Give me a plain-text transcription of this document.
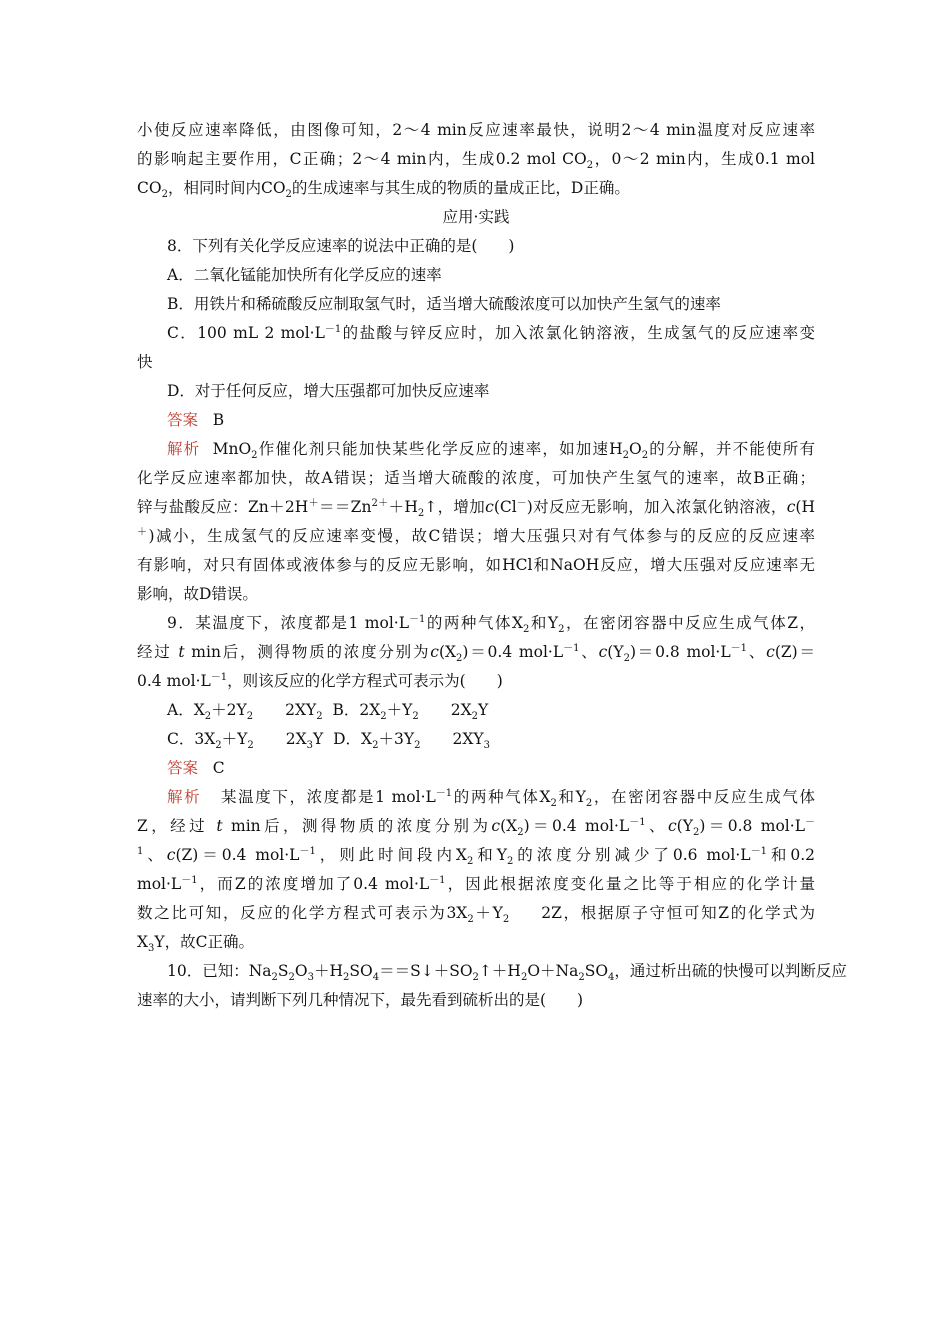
小使反应速率降低，由图像可知，2～4 min反应速率最快，说明2～4 min温度对反应速率
的影响起主要作用，C正确；2～4 min内，生成0.2 mol $CO_2$，0～2 min内，生成0.1 mol
$CO_2$，相同时间内$CO_2$的生成速率与其生成的物质的量成正比，D正确。
应用·实践
8．下列有关化学反应速率的说法中正确的是(　　)
A．二氧化锰能加快所有化学反应的速率
B．用铁片和稀硫酸反应制取氢气时，适当增大硫酸浓度可以加快产生氢气的速率
C．100 mL 2 $mol\cdot L^{-1}$的盐酸与锌反应时，加入浓氯化钠溶液，生成氢气的反应速率变
快
D．对于任何反应，增大压强都可加快反应速率
答案 B
解析 MnO$_2$作催化剂只能加快某些化学反应的速率，如加速$H_2O_2$的分解，并不能使所有
化学反应速率都加快，故A错误；适当增大硫酸的浓度，可加快产生氢气的速率，故B正确；
锌与盐酸反应：$Zn+2H^+==Zn^{2+}+H_2↑$，增加c(Cl－)对反应无影响，加入浓氯化钠溶液，c(H
＋)减小，生成氢气的反应速率变慢，故C错误；增大压强只对有气体参与的反应的反应速率
有影响，对只有固体或液体参与的反应无影响，如HCl和NaOH反应，增大压强对反应速率无
影响，故D错误。
9．某温度下，浓度都是1 $mol\cdot L^{-1}$的两种气体$X_2$和$Y_2$，在密闭容器中反应生成气体Z，
经过 t min后，测得物质的浓度分别为$c(X_2)=0.4$ $mol\cdot L^{-1}$、$c(Y_2)=0.8$ $mol\cdot L^{-1}$、c(Z)＝
0.4 $mol\cdot L^{-1}$，则该反应的化学方程式可表示为(　　)
A．$X_2+2Y_2$ $2XY_2$ B．$2X_2+Y_2$ $2X_2Y$
C．$3X_2+Y_2$ $2X_3Y$ D．$X_2+3Y_2$ $2XY_3$
答案 C
解析 某温度下，浓度都是1 $mol\cdot L^{-1}$的两种气体$X_2$和$Y_2$，在密闭容器中反应生成气体
Z，经过 t min后，测得物质的浓度分别为$c(X_2)=0.4$ $mol\cdot L^{-1}$、$c(Y_2)=0.8$ mol·L－
$^1$、c(Z)＝0.4 $mol\cdot L^{-1}$，则此时间段内$X_2$和$Y_2$的浓度分别减少了0.6 $mol\cdot L^{-1}$和0.2
$mol\cdot L^{-1}$，而Z的浓度增加了0.4 $mol\cdot L^{-1}$，因此根据浓度变化量之比等于相应的化学计量
数之比可知，反应的化学方程式可表示为$3X_2+Y_2$ 2Z，根据原子守恒可知Z的化学式为
$X_3Y$，故C正确。
10．已知：$Na_2S_2O_3+H_2SO_4==S↓+SO_2↑+H_2O+Na_2SO_4$，通过析出硫的快慢可以判断反应
速率的大小，请判断下列几种情况下，最先看到硫析出的是(　　)
